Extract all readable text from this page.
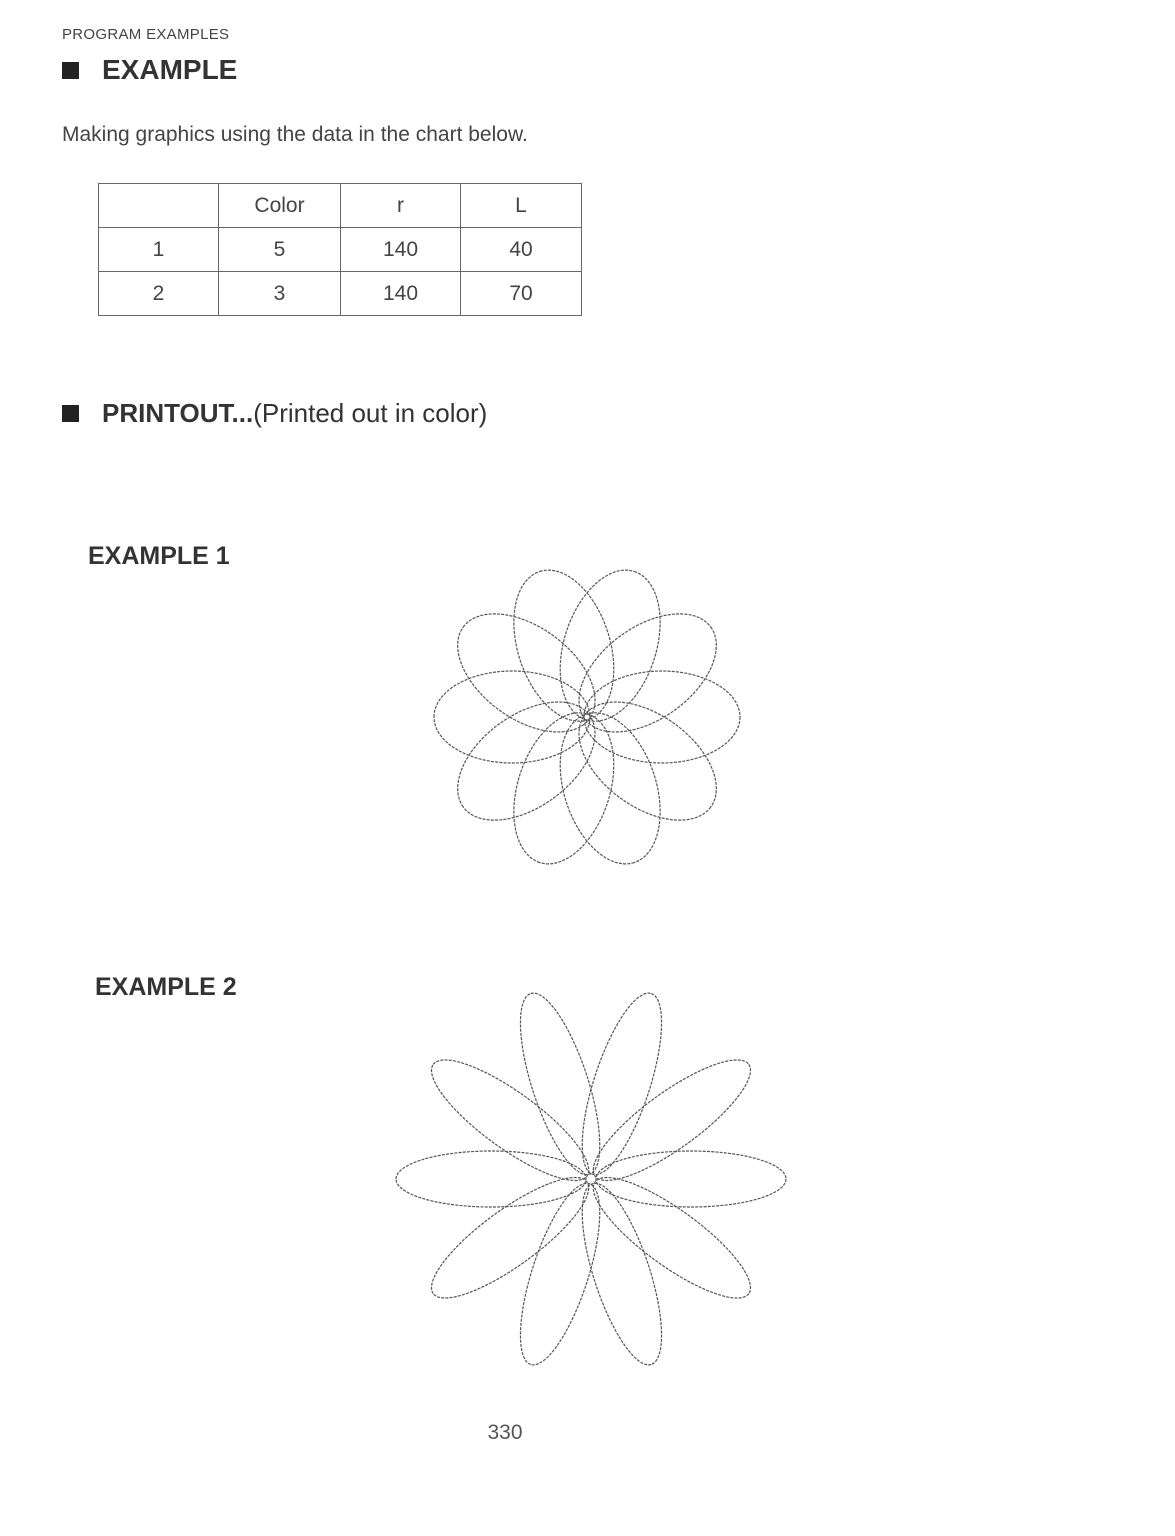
PROGRAM EXAMPLES
EXAMPLE
Making graphics using the data in the chart below.
	Color	r	L
1	5	140	40
2	3	140	70
PRINTOUT... (Printed out in color)
EXAMPLE 1
EXAMPLE 2
330
